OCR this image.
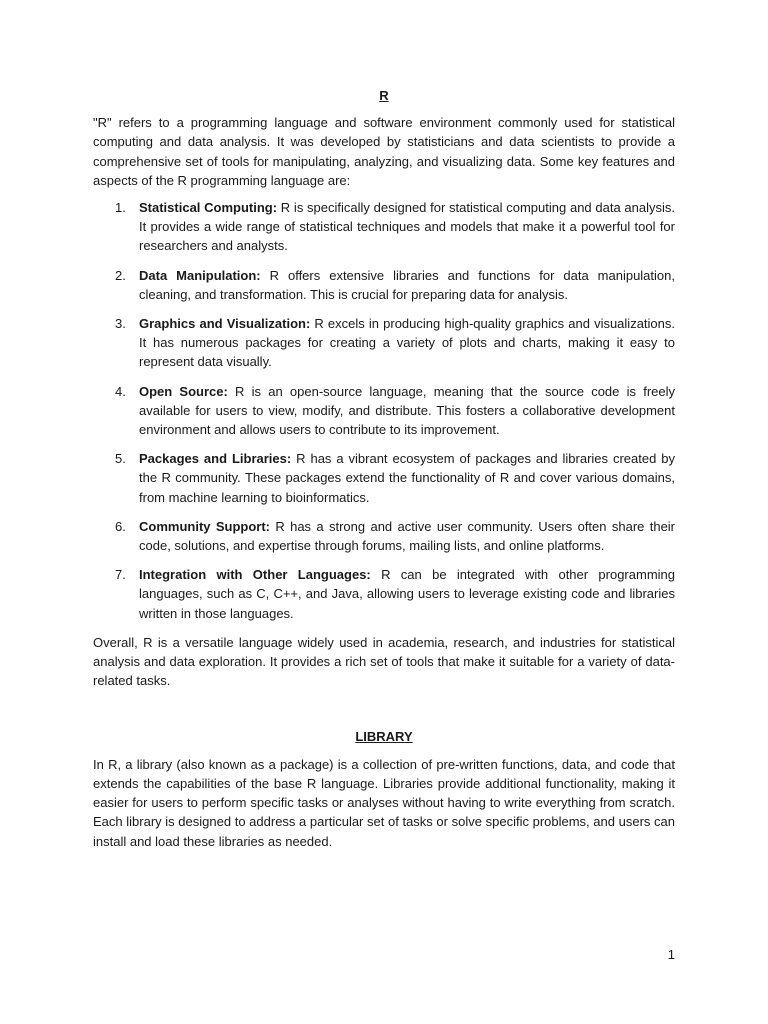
R

"R" refers to a programming language and software environment commonly used for statistical computing and data analysis. It was developed by statisticians and data scientists to provide a comprehensive set of tools for manipulating, analyzing, and visualizing data. Some key features and aspects of the R programming language are:

1. Statistical Computing: R is specifically designed for statistical computing and data analysis. It provides a wide range of statistical techniques and models that make it a powerful tool for researchers and analysts.
2. Data Manipulation: R offers extensive libraries and functions for data manipulation, cleaning, and transformation. This is crucial for preparing data for analysis.
3. Graphics and Visualization: R excels in producing high-quality graphics and visualizations. It has numerous packages for creating a variety of plots and charts, making it easy to represent data visually.
4. Open Source: R is an open-source language, meaning that the source code is freely available for users to view, modify, and distribute. This fosters a collaborative development environment and allows users to contribute to its improvement.
5. Packages and Libraries: R has a vibrant ecosystem of packages and libraries created by the R community. These packages extend the functionality of R and cover various domains, from machine learning to bioinformatics.
6. Community Support: R has a strong and active user community. Users often share their code, solutions, and expertise through forums, mailing lists, and online platforms.
7. Integration with Other Languages: R can be integrated with other programming languages, such as C, C++, and Java, allowing users to leverage existing code and libraries written in those languages.

Overall, R is a versatile language widely used in academia, research, and industries for statistical analysis and data exploration. It provides a rich set of tools that make it suitable for a variety of data-related tasks.

LIBRARY

In R, a library (also known as a package) is a collection of pre-written functions, data, and code that extends the capabilities of the base R language. Libraries provide additional functionality, making it easier for users to perform specific tasks or analyses without having to write everything from scratch. Each library is designed to address a particular set of tasks or solve specific problems, and users can install and load these libraries as needed.

1
